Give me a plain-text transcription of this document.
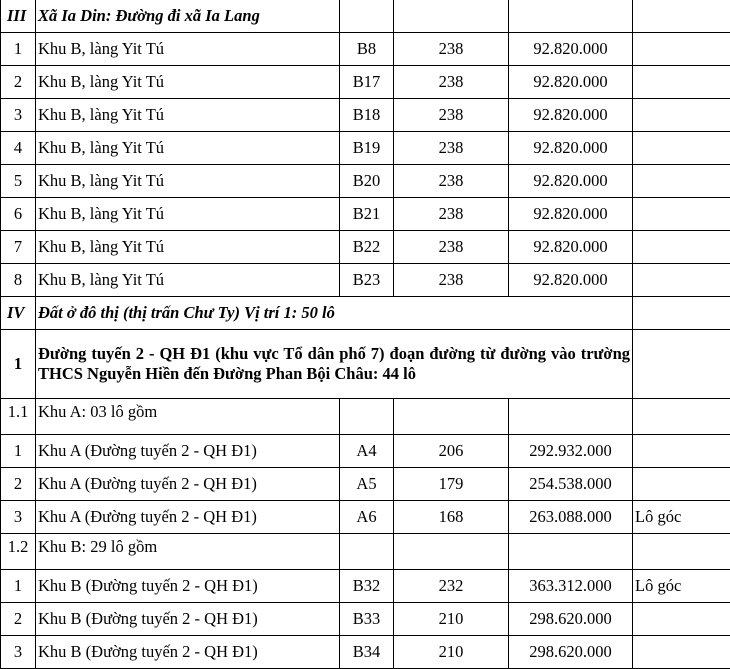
III	Xã Ia Din: Đường đi xã Ia Lang				
1	Khu B, làng Yit Tú	B8	238	92.820.000	
2	Khu B, làng Yit Tú	B17	238	92.820.000	
3	Khu B, làng Yit Tú	B18	238	92.820.000	
4	Khu B, làng Yit Tú	B19	238	92.820.000	
5	Khu B, làng Yit Tú	B20	238	92.820.000	
6	Khu B, làng Yit Tú	B21	238	92.820.000	
7	Khu B, làng Yit Tú	B22	238	92.820.000	
8	Khu B, làng Yit Tú	B23	238	92.820.000	
IV	Đất ở đô thị (thị trấn Chư Ty) Vị trí 1: 50 lô				
1	Đường tuyến 2 - QH Đ1 (khu vực Tổ dân phố 7) đoạn đường từ đường vào trường THCS Nguyễn Hiền đến Đường Phan Bội Châu: 44 lô				
1.1	Khu A: 03 lô gồm				
1	Khu A (Đường tuyến 2 - QH Đ1)	A4	206	292.932.000	
2	Khu A (Đường tuyến 2 - QH Đ1)	A5	179	254.538.000	
3	Khu A (Đường tuyến 2 - QH Đ1)	A6	168	263.088.000	Lô góc
1.2	Khu B: 29 lô gồm				
1	Khu B (Đường tuyến 2 - QH Đ1)	B32	232	363.312.000	Lô góc
2	Khu B (Đường tuyến 2 - QH Đ1)	B33	210	298.620.000	
3	Khu B (Đường tuyến 2 - QH Đ1)	B34	210	298.620.000	
